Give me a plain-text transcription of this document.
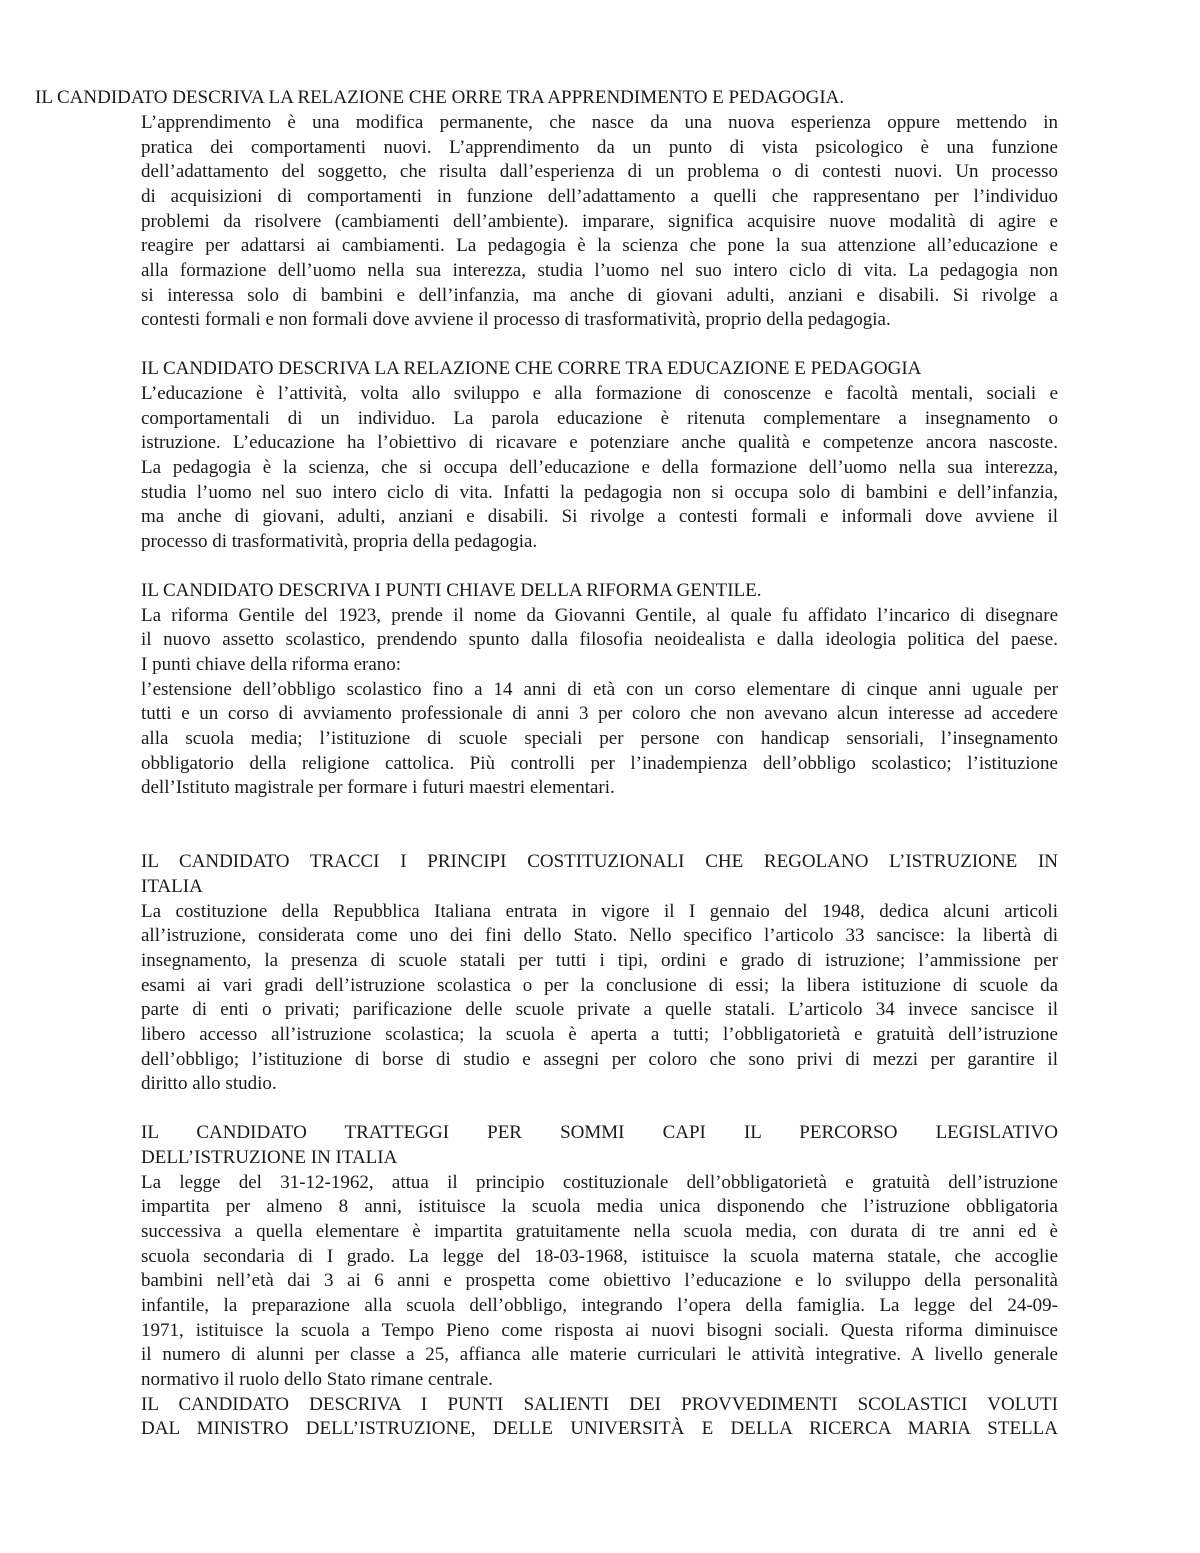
IL CANDIDATO DESCRIVA LA RELAZIONE CHE ORRE TRA APPRENDIMENTO E PEDAGOGIA.
L’apprendimento è una modifica permanente, che nasce da una nuova esperienza oppure mettendo in
pratica dei comportamenti nuovi. L’apprendimento da un punto di vista psicologico è una funzione
dell’adattamento del soggetto, che risulta dall’esperienza di un problema o di contesti nuovi. Un processo
di acquisizioni di comportamenti in funzione dell’adattamento a quelli che rappresentano per l’individuo
problemi da risolvere (cambiamenti dell’ambiente). imparare, significa acquisire nuove modalità di agire e
reagire per adattarsi ai cambiamenti. La pedagogia è la scienza che pone la sua attenzione all’educazione e
alla formazione dell’uomo nella sua interezza, studia l’uomo nel suo intero ciclo di vita. La pedagogia non
si interessa solo di bambini e dell’infanzia, ma anche di giovani adulti, anziani e disabili. Si rivolge a
contesti formali e non formali dove avviene il processo di trasformatività, proprio della pedagogia.
IL CANDIDATO DESCRIVA LA RELAZIONE CHE CORRE TRA EDUCAZIONE E PEDAGOGIA
L’educazione è l’attività, volta allo sviluppo e alla formazione di conoscenze e facoltà mentali, sociali e
comportamentali di un individuo. La parola educazione è ritenuta complementare a insegnamento o
istruzione. L’educazione ha l’obiettivo di ricavare e potenziare anche qualità e competenze ancora nascoste.
La pedagogia è la scienza, che si occupa dell’educazione e della formazione dell’uomo nella sua interezza,
studia l’uomo nel suo intero ciclo di vita. Infatti la pedagogia non si occupa solo di bambini e dell’infanzia,
ma anche di giovani, adulti, anziani e disabili. Si rivolge a contesti formali e informali dove avviene il
processo di trasformatività, propria della pedagogia.
IL CANDIDATO DESCRIVA I PUNTI CHIAVE DELLA RIFORMA GENTILE.
La riforma Gentile del 1923, prende il nome da Giovanni Gentile, al quale fu affidato l’incarico di disegnare
il nuovo assetto scolastico, prendendo spunto dalla filosofia neoidealista e dalla ideologia politica del paese.
I punti chiave della riforma erano:
l’estensione dell’obbligo scolastico fino a 14 anni di età con un corso elementare di cinque anni uguale per
tutti e un corso di avviamento professionale di anni 3 per coloro che non avevano alcun interesse ad accedere
alla scuola media; l’istituzione di scuole speciali per persone con handicap sensoriali, l’insegnamento
obbligatorio della religione cattolica. Più controlli per l’inadempienza dell’obbligo scolastico; l’istituzione
dell’Istituto magistrale per formare i futuri maestri elementari.
IL CANDIDATO TRACCI I PRINCIPI COSTITUZIONALI CHE REGOLANO L’ISTRUZIONE IN
ITALIA
La costituzione della Repubblica Italiana entrata in vigore il I gennaio del 1948, dedica alcuni articoli
all’istruzione, considerata come uno dei fini dello Stato. Nello specifico l’articolo 33 sancisce: la libertà di
insegnamento, la presenza di scuole statali per tutti i tipi, ordini e grado di istruzione; l’ammissione per
esami ai vari gradi dell’istruzione scolastica o per la conclusione di essi; la libera istituzione di scuole da
parte di enti o privati; parificazione delle scuole private a quelle statali. L’articolo 34 invece sancisce il
libero accesso all’istruzione scolastica; la scuola è aperta a tutti; l’obbligatorietà e gratuità dell’istruzione
dell’obbligo; l’istituzione di borse di studio e assegni per coloro che sono privi di mezzi per garantire il
diritto allo studio.
IL CANDIDATO TRATTEGGI PER SOMMI CAPI IL PERCORSO LEGISLATIVO
DELL’ISTRUZIONE IN ITALIA
La legge del 31-12-1962, attua il principio costituzionale dell’obbligatorietà e gratuità dell’istruzione
impartita per almeno 8 anni, istituisce la scuola media unica disponendo che l’istruzione obbligatoria
successiva a quella elementare è impartita gratuitamente nella scuola media, con durata di tre anni ed è
scuola secondaria di I grado. La legge del 18-03-1968, istituisce la scuola materna statale, che accoglie
bambini nell’età dai 3 ai 6 anni e prospetta come obiettivo l’educazione e lo sviluppo della personalità
infantile, la preparazione alla scuola dell’obbligo, integrando l’opera della famiglia. La legge del 24-09-
1971, istituisce la scuola a Tempo Pieno come risposta ai nuovi bisogni sociali. Questa riforma diminuisce
il numero di alunni per classe a 25, affianca alle materie curriculari le attività integrative. A livello generale
normativo il ruolo dello Stato rimane centrale.
IL CANDIDATO DESCRIVA I PUNTI SALIENTI DEI PROVVEDIMENTI SCOLASTICI VOLUTI
DAL MINISTRO DELL’ISTRUZIONE, DELLE UNIVERSITÀ E DELLA RICERCA MARIA STELLA
